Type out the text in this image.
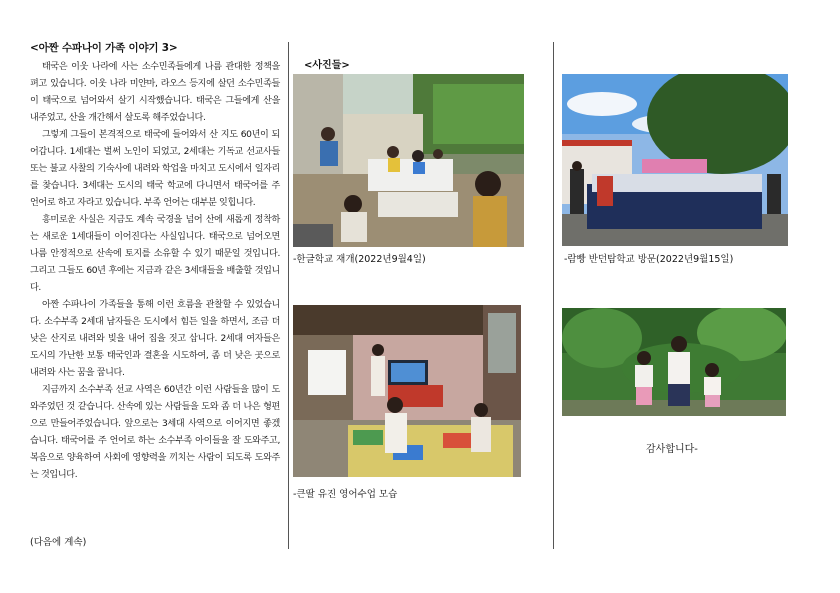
<아짠 수파나이 가족 이야기 3>

태국은 이웃 나라에 사는 소수민족들에게 나름 관대한 정책을 펴고 있습니다. 이웃 나라 미얀마, 라오스 등지에 살던 소수민족들이 태국으로 넘어와서 살기 시작했습니다. 태국은 그들에게 산을 내주었고, 산을 개간해서 살도록 해주었습니다.

그렇게 그들이 본격적으로 태국에 들어와서 산 지도 60년이 되어갑니다. 1세대는 벌써 노인이 되었고, 2세대는 기독교 선교사들 또는 불교 사찰의 기숙사에 내려와 학업을 마치고 도시에서 일자리를 찾습니다. 3세대는 도시의 태국 학교에 다니면서 태국어를 주 언어로 하고 자라고 있습니다. 부족 언어는 대부분 잊힙니다.

흥미로운 사실은 지금도 계속 국경을 넘어 산에 새롭게 정착하는 새로운 1세대들이 이어진다는 사실입니다. 태국으로 넘어오면 나름 안정적으로 산속에 토지를 소유할 수 있기 때문일 것입니다. 그리고 그들도 60년 후에는 지금과 같은 3세대들을 배출할 것입니다.

아짠 수파나이 가족들을 통해 이런 흐름을 관찰할 수 있었습니다. 소수부족 2세대 남자들은 도시에서 힘든 일을 하면서, 조금 더 낮은 산지로 내려와 빚을 내어 집을 짓고 삽니다. 2세대 여자들은 도시의 가난한 보통 태국인과 결혼을 시도하여, 좀 더 낮은 곳으로 내려와 사는 꿈을 꿉니다.

지금까지 소수부족 선교 사역은 60년간 이런 사람들을 많이 도와주었던 것 같습니다. 산속에 있는 사람들을 도와 좀 더 나은 형편으로 만들어주었습니다. 앞으로는 3세대 사역으로 이어지면 좋겠습니다. 태국어를 주 언어로 하는 소수부족 아이들을 잘 도와주고, 복음으로 양육하여 사회에 영향력을 끼치는 사람이 되도록 도와주는 것입니다.

(다음에 계속)
<사진들>
-한글학교 재개(2022년9월4일)
-큰딸 유진 영어수업 모습
-람빵 반던탐학교 방문(2022년9월15일)
감사합니다-
